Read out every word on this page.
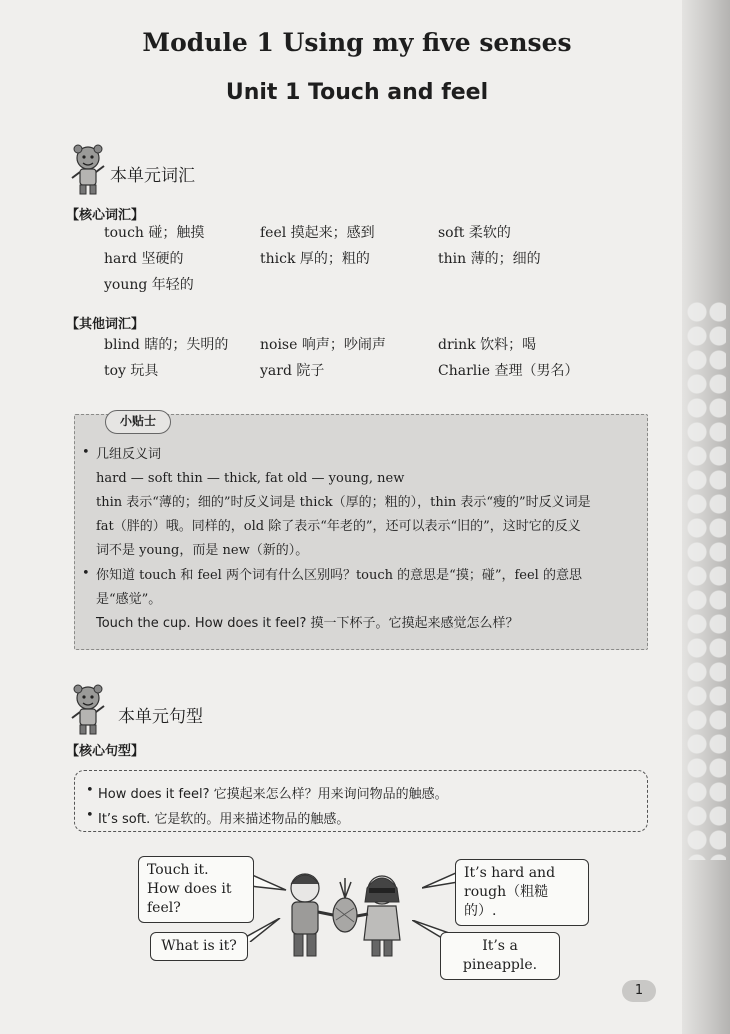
Module 1 Using my five senses
Unit 1 Touch and feel
本单元词汇
【核心词汇】
touch 碰；触摸	feel 摸起来；感到	soft 柔软的
hard 坚硬的	thick 厚的；粗的	thin 薄的；细的
young 年轻的
【其他词汇】
blind 瞎的；失明的	noise 响声；吵闹声	drink 饮料；喝
toy 玩具	yard 院子	Charlie 查理（男名）
小贴士
• 几组反义词
hard — soft thin — thick, fat old — young, new
thin 表示“薄的；细的”时反义词是 thick（厚的；粗的），thin 表示“瘦的”时反义词是
fat（胖的）哦。同样的，old 除了表示“年老的”，还可以表示“旧的”，这时它的反义
词不是 young，而是 new（新的）。
• 你知道 touch 和 feel 两个词有什么区别吗？touch 的意思是“摸；碰”，feel 的意思
是“感觉”。
Touch the cup. How does it feel? 摸一下杯子。它摸起来感觉怎么样？
本单元句型
【核心句型】
• How does it feel? 它摸起来怎么样？用来询问物品的触感。
• It’s soft. 它是软的。用来描述物品的触感。
Touch it. How does it feel?
What is it?
It’s hard and rough（粗糙的）.
It’s a pineapple.
1
